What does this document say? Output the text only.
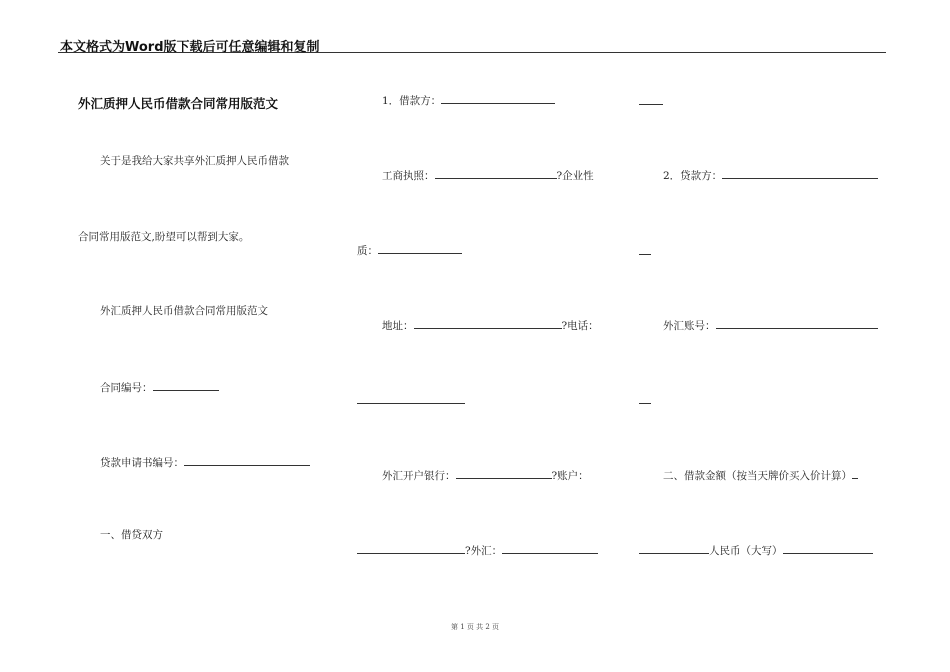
本文格式为Word版下载后可任意编辑和复制
外汇质押人民币借款合同常用版范文
关于是我给大家共享外汇质押人民币借款
合同常用版范文,盼望可以帮到大家。
外汇质押人民币借款合同常用版范文
合同编号：
贷款申请书编号：
一、借贷双方
1．借款方：
工商执照：	?企业性
质：
地址：	?电话：
外汇开户银行：	?账户：
?外汇：
2．贷款方：
外汇账号：
二、借款金额（按当天牌价买入价计算）
人民币（大写）
第 1 页 共 2 页
